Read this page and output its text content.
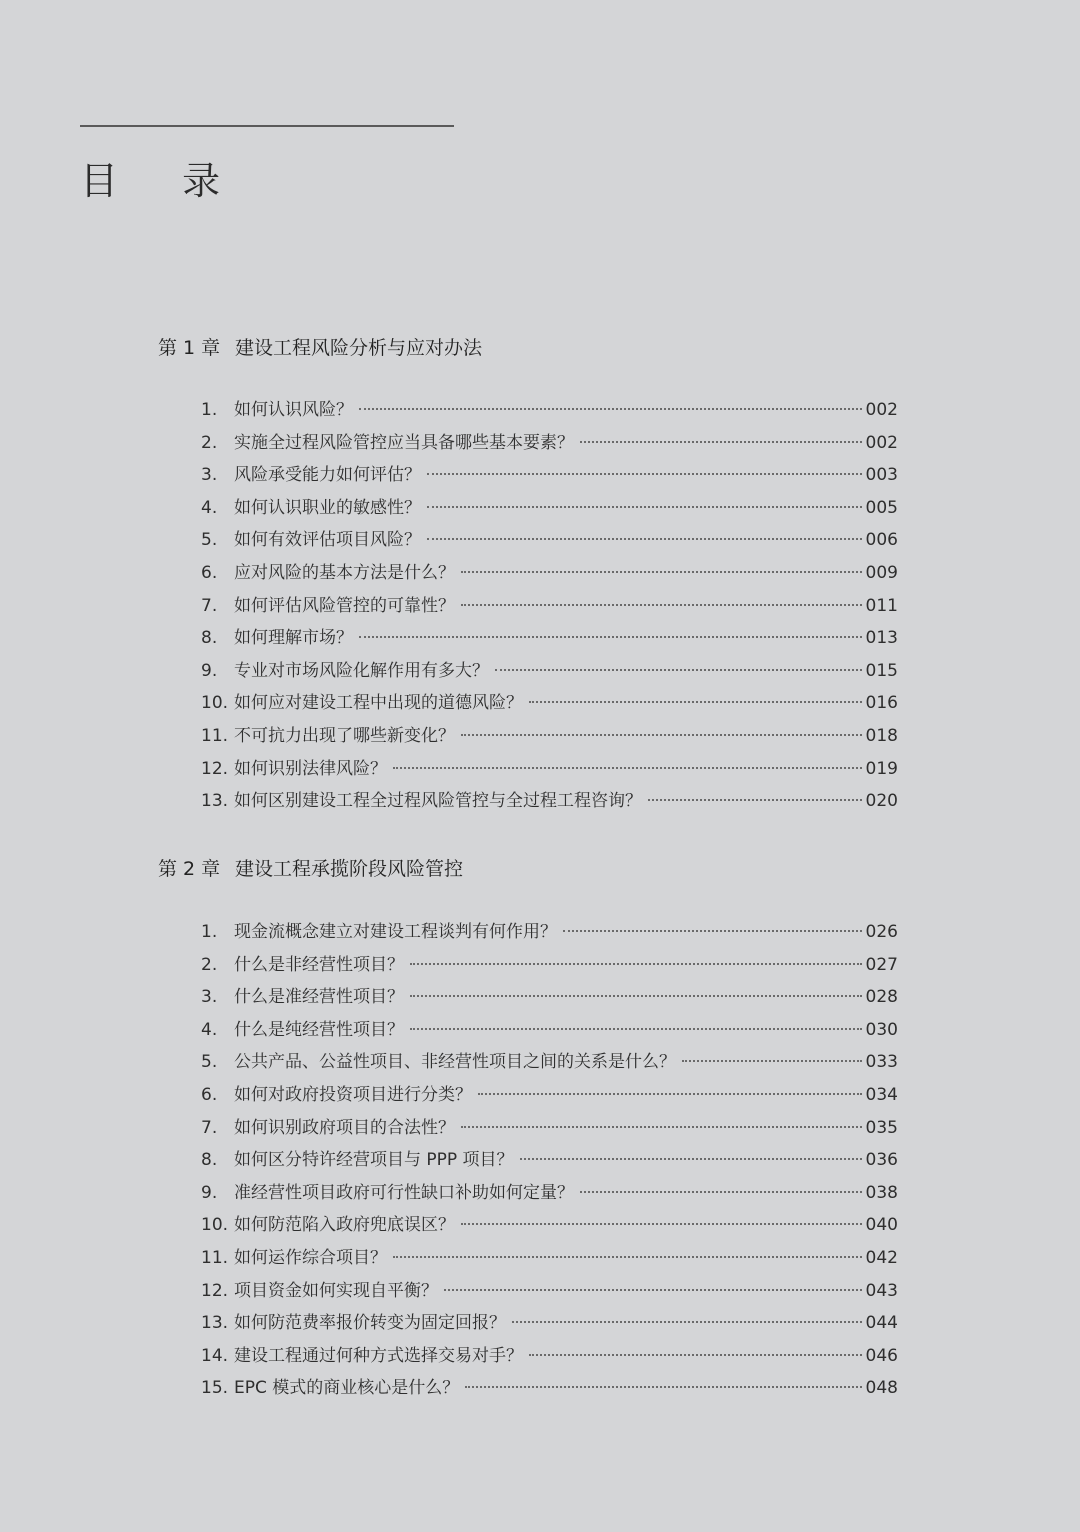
目 录
第 1 章 建设工程风险分析与应对办法
1. 如何认识风险？	002
2. 实施全过程风险管控应当具备哪些基本要素？	002
3. 风险承受能力如何评估？	003
4. 如何认识职业的敏感性？	005
5. 如何有效评估项目风险？	006
6. 应对风险的基本方法是什么？	009
7. 如何评估风险管控的可靠性？	011
8. 如何理解市场？	013
9. 专业对市场风险化解作用有多大？	015
10. 如何应对建设工程中出现的道德风险？	016
11. 不可抗力出现了哪些新变化？	018
12. 如何识别法律风险？	019
13. 如何区别建设工程全过程风险管控与全过程工程咨询？	020
第 2 章 建设工程承揽阶段风险管控
1. 现金流概念建立对建设工程谈判有何作用？	026
2. 什么是非经营性项目？	027
3. 什么是准经营性项目？	028
4. 什么是纯经营性项目？	030
5. 公共产品、公益性项目、非经营性项目之间的关系是什么？	033
6. 如何对政府投资项目进行分类？	034
7. 如何识别政府项目的合法性？	035
8. 如何区分特许经营项目与 PPP 项目？	036
9. 准经营性项目政府可行性缺口补助如何定量？	038
10. 如何防范陷入政府兜底误区？	040
11. 如何运作综合项目？	042
12. 项目资金如何实现自平衡？	043
13. 如何防范费率报价转变为固定回报？	044
14. 建设工程通过何种方式选择交易对手？	046
15. EPC 模式的商业核心是什么？	048
